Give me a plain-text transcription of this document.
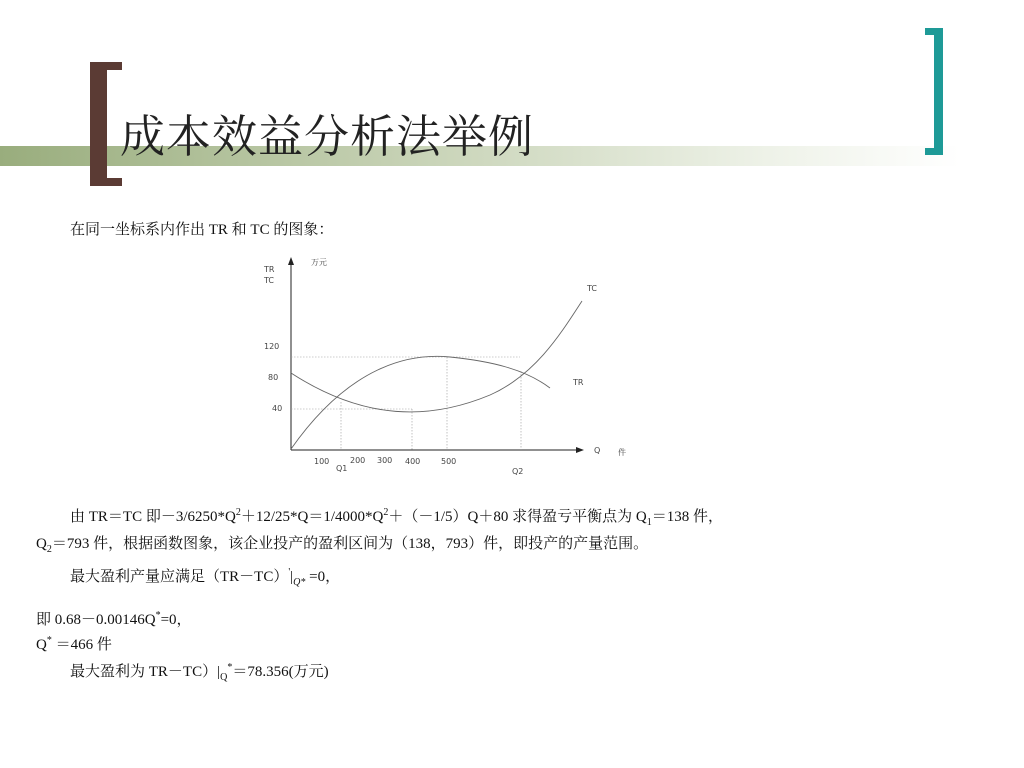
成本效益分析法举例
在同一坐标系内作出 TR 和 TC 的图象：
TR
TC
万元
Q 件
120
80
40
100	200 300 400	500
Q1	Q2
TC
TR
由 TR＝TC 即$-3/6250*Q^2+12/25*Q=1/4000*Q^2+(-1/5)Q+80$ 求得盈亏平衡点为 $Q_1=138$ 件，
$Q_2=793$ 件，根据函数图象，该企业投产的盈利区间为（138，793）件，即投产的产量范围。
最大盈利产量应满足$(TR-TC)'|_{Q*} =0$，
即 0.68－0.00146Q*=0，
Q* ＝466 件
最大盈利为 $TR-TC)|_Q^*=78.356$(万元)
